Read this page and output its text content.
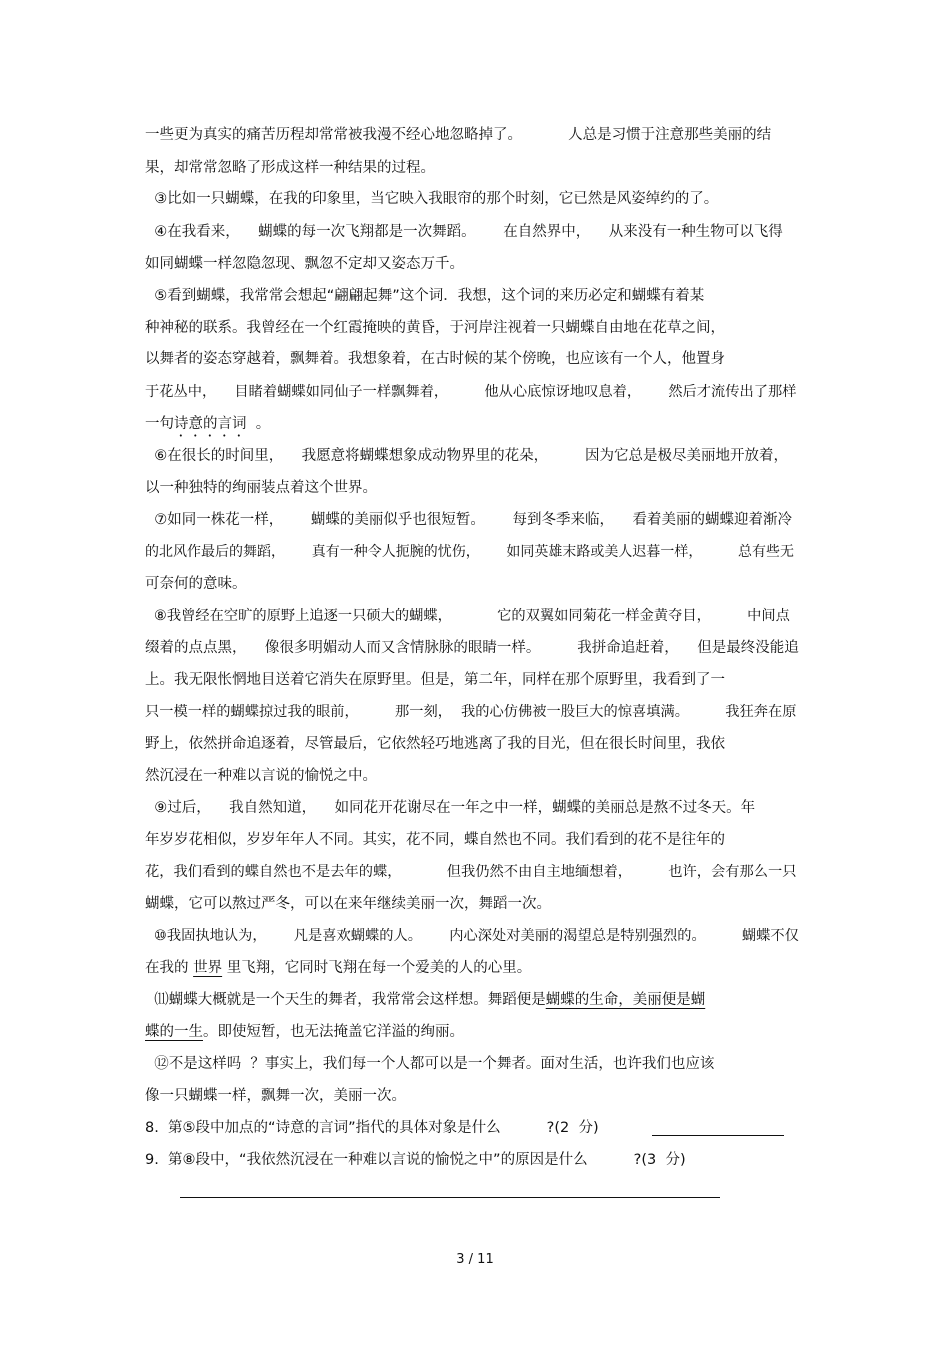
一些更为真实的痛苦历程却常常被我漫不经心地忽略掉了。          人总是习惯于注意那些美丽的结
果，却常常忽略了形成这样一种结果的过程。
③比如一只蝴蝶，在我的印象里，当它映入我眼帘的那个时刻，它已然是风姿绰约的了。
④在我看来，    蝴蝶的每一次飞翔都是一次舞蹈。      在自然界中，    从来没有一种生物可以飞得
如同蝴蝶一样忽隐忽现、飘忽不定却又姿态万千。
⑤看到蝴蝶，我常常会想起“翩翩起舞”这个词．我想，这个词的来历必定和蝴蝶有着某
种神秘的联系。我曾经在一个红霞掩映的黄昏，于河岸注视着一只蝴蝶自由地在花草之间，
以舞者的姿态穿越着，飘舞着。我想象着，在古时候的某个傍晚，也应该有一个人，他置身
于花丛中，    目睹着蝴蝶如同仙子一样飘舞着，        他从心底惊讶地叹息着，      然后才流传出了那样
一句诗意的言词  。
⑥在很长的时间里，    我愿意将蝴蝶想象成动物界里的花朵，        因为它总是极尽美丽地开放着，
以一种独特的绚丽装点着这个世界。
⑦如同一株花一样，      蝴蝶的美丽似乎也很短暂。      每到冬季来临，    看着美丽的蝴蝶迎着渐冷
的北风作最后的舞蹈，      真有一种令人扼腕的忧伤，      如同英雄末路或美人迟暮一样，        总有些无
可奈何的意味。
⑧我曾经在空旷的原野上追逐一只硕大的蝴蝶，          它的双翼如同菊花一样金黄夺目，        中间点
缀着的点点黑，    像很多明媚动人而又含情脉脉的眼睛一样。        我拼命追赶着，    但是最终没能追
上。我无限怅惘地目送着它消失在原野里。但是，第二年，同样在那个原野里，我看到了一
只一模一样的蝴蝶掠过我的眼前，        那一刻，  我的心仿佛被一股巨大的惊喜填满。        我狂奔在原
野上，依然拼命追逐着，尽管最后，它依然轻巧地逃离了我的目光，但在很长时间里，我依
然沉浸在一种难以言说的愉悦之中。
⑨过后，    我自然知道，    如同花开花谢尽在一年之中一样，蝴蝶的美丽总是熬不过冬天。年
年岁岁花相似，岁岁年年人不同。其实，花不同，蝶自然也不同。我们看到的花不是往年的
花，我们看到的蝶自然也不是去年的蝶，          但我仍然不由自主地缅想着，        也许，会有那么一只
蝴蝶，它可以熬过严冬，可以在来年继续美丽一次，舞蹈一次。
⑩我固执地认为，      凡是喜欢蝴蝶的人。      内心深处对美丽的渴望总是特别强烈的。        蝴蝶不仅
在我的 世界 里飞翔，它同时飞翔在每一个爱美的人的心里。
⑾蝴蝶大概就是一个天生的舞者，我常常会这样想。舞蹈便是蝴蝶的生命，美丽便是蝴
蝶的一生。即使短暂，也无法掩盖它洋溢的绚丽。
⑫不是这样吗  ？事实上，我们每一个人都可以是一个舞者。面对生活，也许我们也应该
像一只蝴蝶一样，飘舞一次，美丽一次。
8.  第⑤段中加点的“诗意的言词”指代的具体对象是什么          ?(2  分)
9.  第⑧段中，“我依然沉浸在一种难以言说的愉悦之中”的原因是什么          ?(3  分)
3 / 11
